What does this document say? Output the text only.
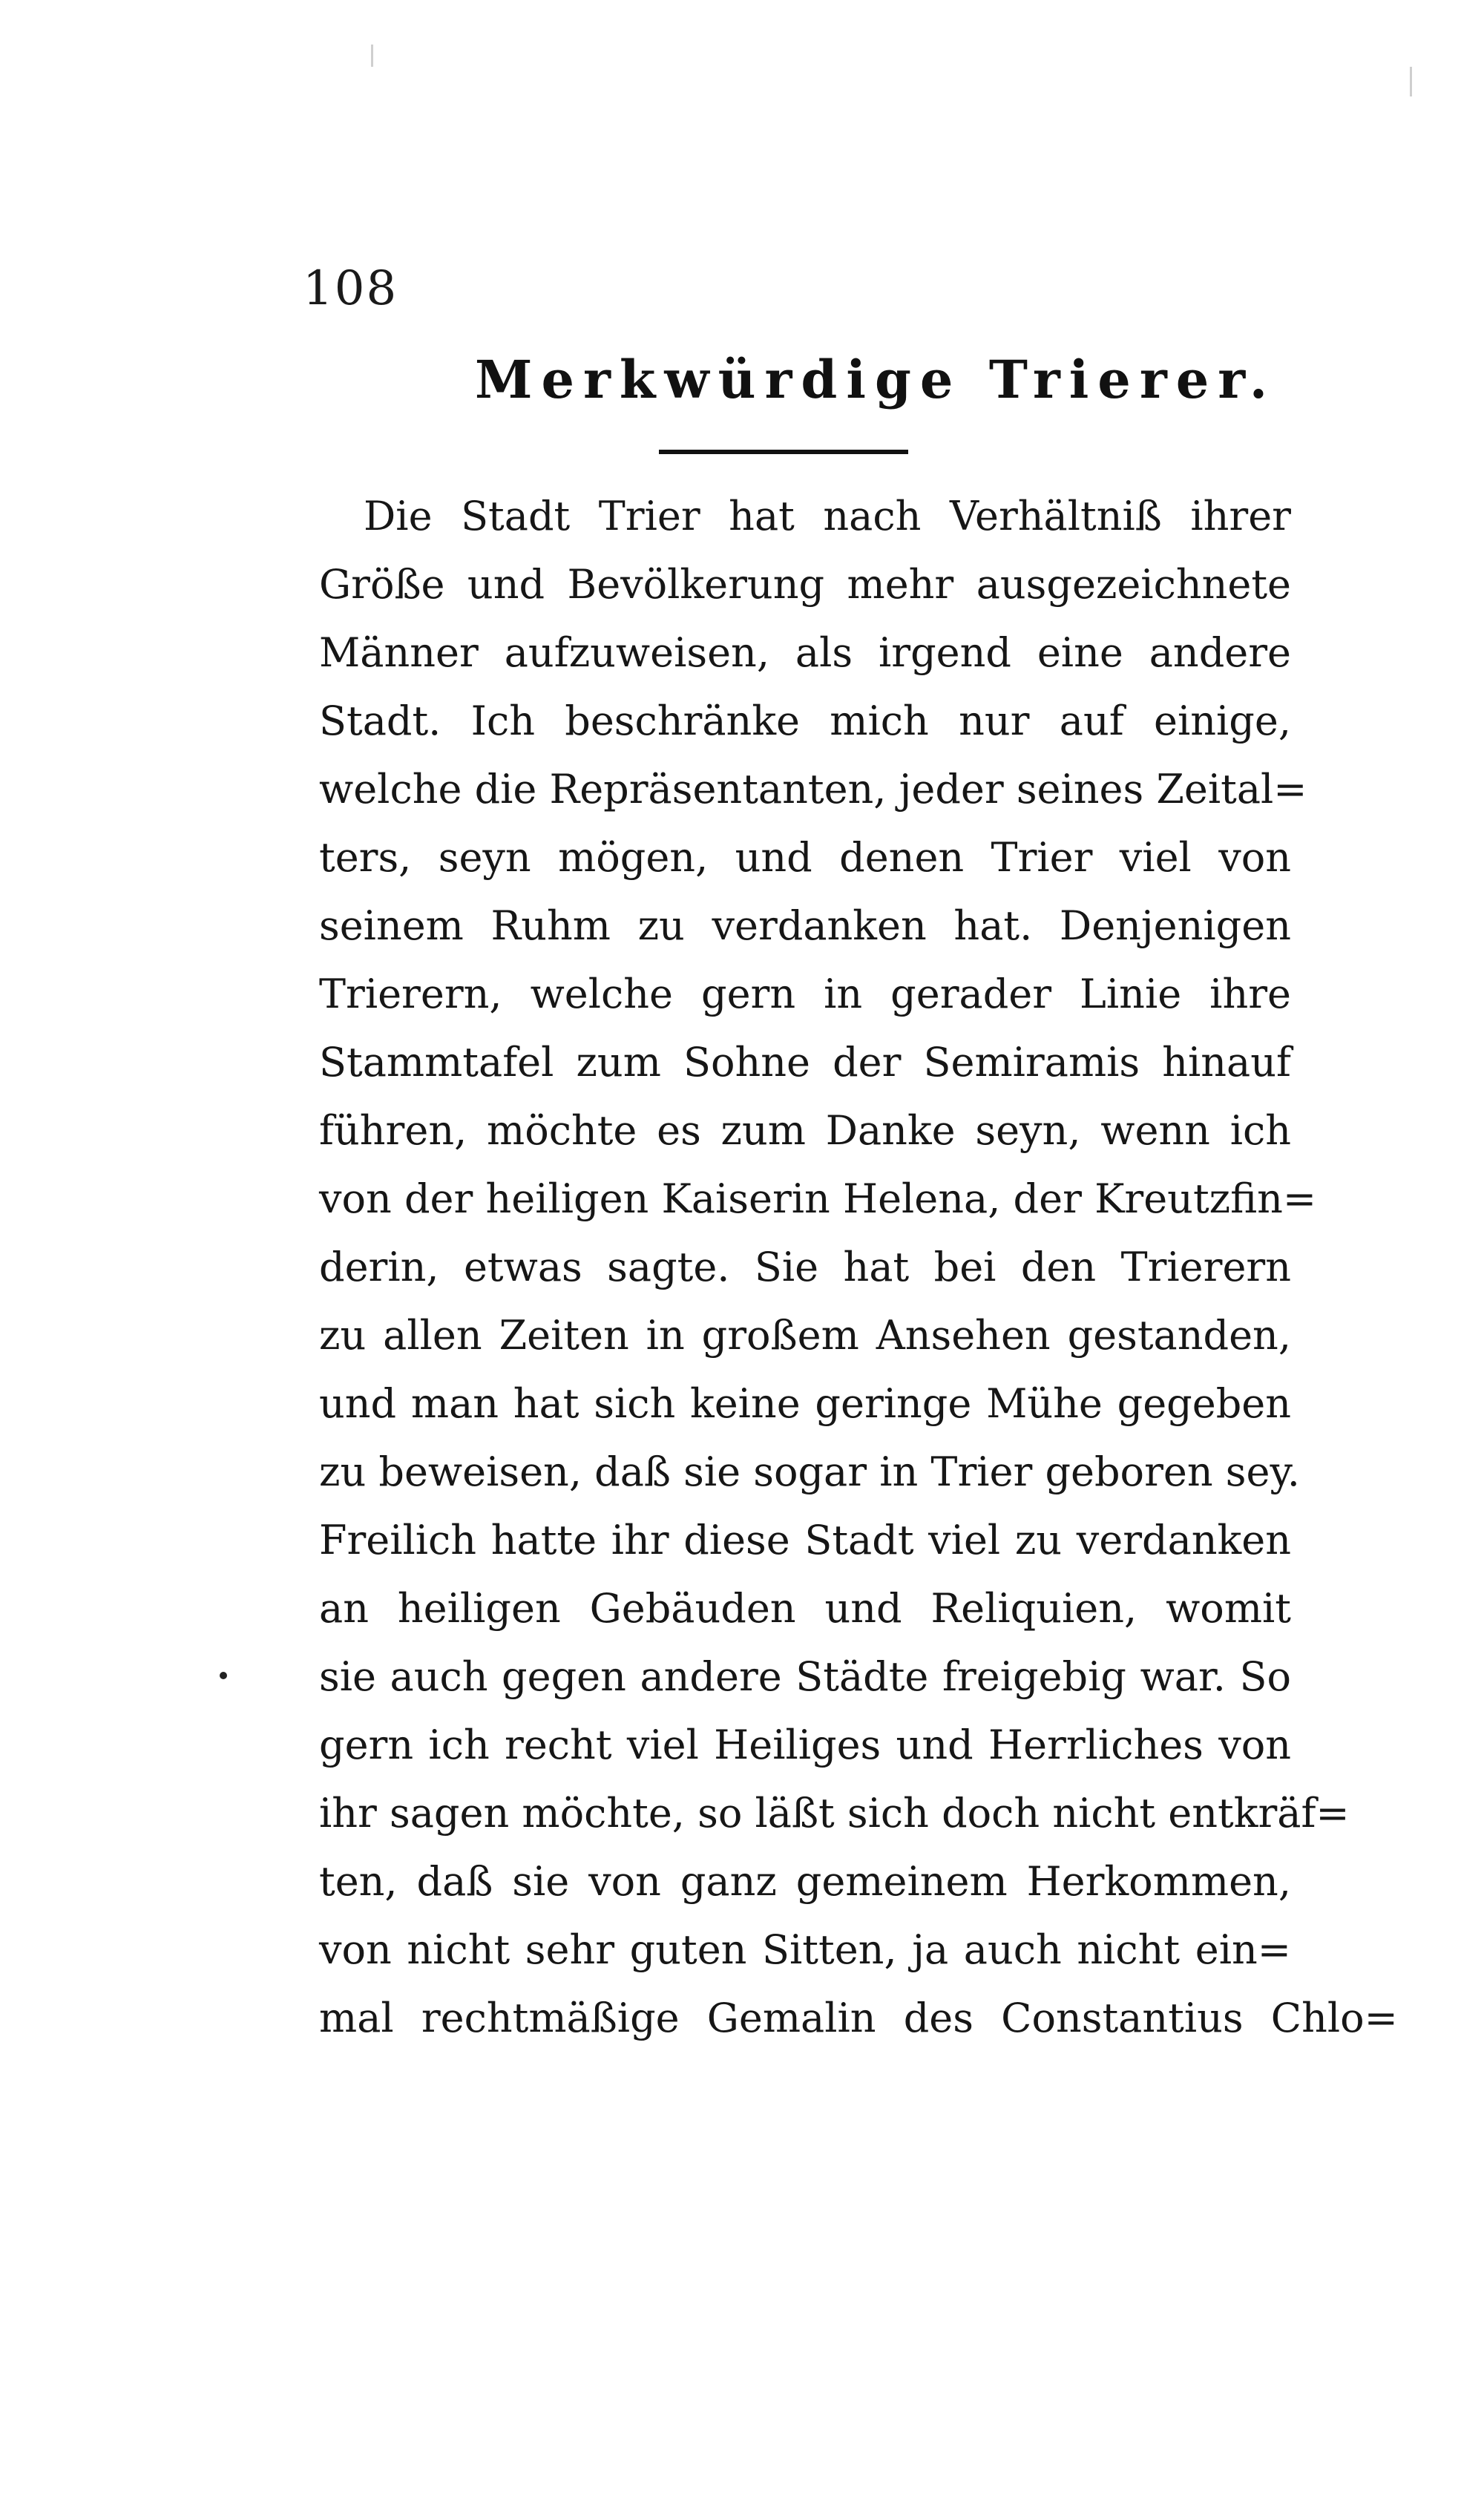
108
Merkwürdige Trierer.
Die Stadt Trier hat nach Verhältniß ihrer
Größe und Bevölkerung mehr ausgezeichnete
Männer aufzuweisen, als irgend eine andere
Stadt. Ich beschränke mich nur auf einige,
welche die Repräsentanten, jeder seines Zeital=
ters, seyn mögen, und denen Trier viel von
seinem Ruhm zu verdanken hat. Denjenigen
Trierern, welche gern in gerader Linie ihre
Stammtafel zum Sohne der Semiramis hinauf
führen, möchte es zum Danke seyn, wenn ich
von der heiligen Kaiserin Helena, der Kreutzfin=
derin, etwas sagte. Sie hat bei den Trierern
zu allen Zeiten in großem Ansehen gestanden,
und man hat sich keine geringe Mühe gegeben
zu beweisen, daß sie sogar in Trier geboren sey.
Freilich hatte ihr diese Stadt viel zu verdanken
an heiligen Gebäuden und Reliquien, womit
sie auch gegen andere Städte freigebig war. So
gern ich recht viel Heiliges und Herrliches von
ihr sagen möchte, so läßt sich doch nicht entkräf=
ten, daß sie von ganz gemeinem Herkommen,
von nicht sehr guten Sitten, ja auch nicht ein=
mal rechtmäßige Gemalin des Constantius Chlo=
